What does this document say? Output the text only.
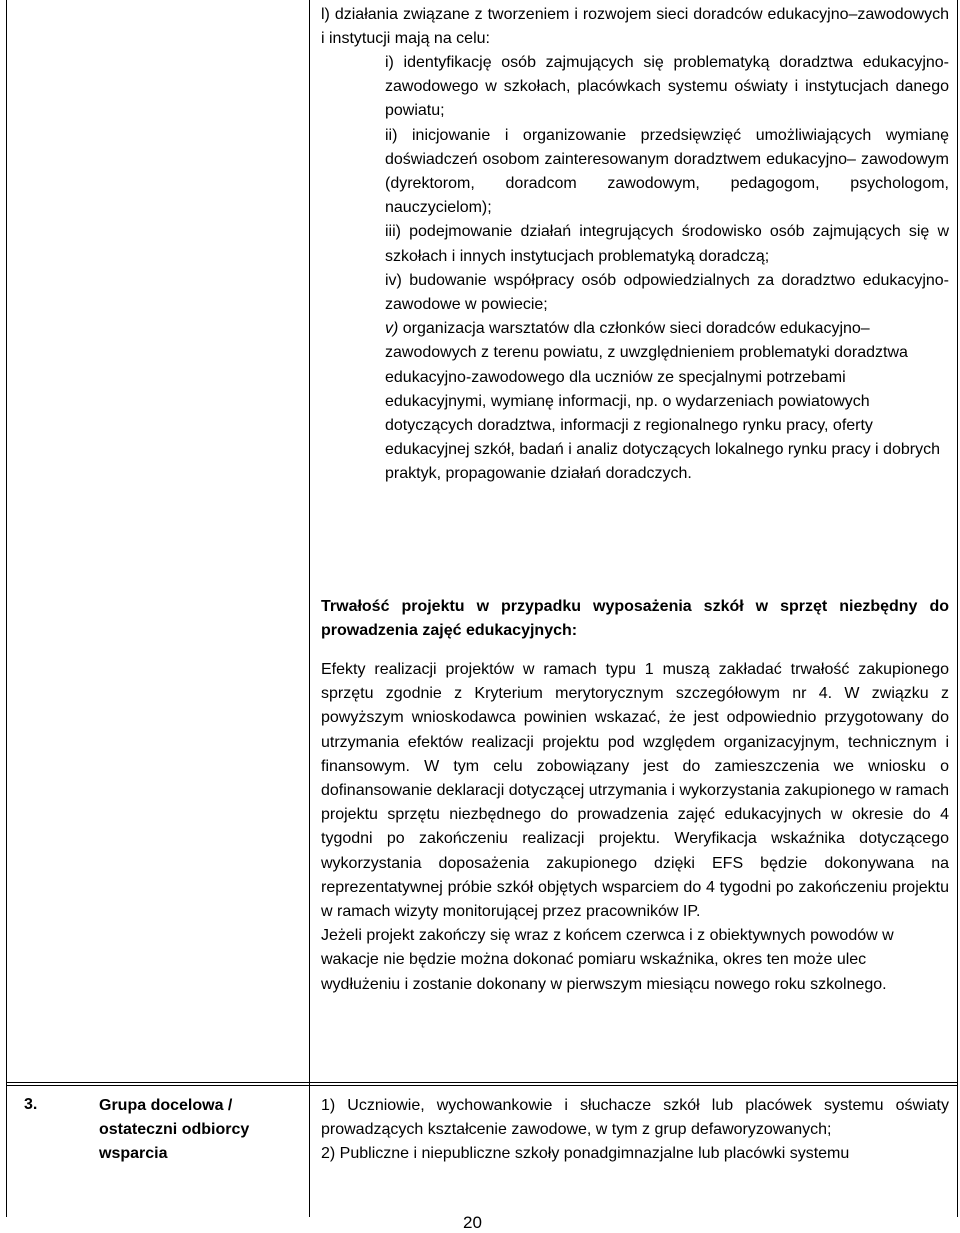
l) działania związane z tworzeniem i rozwojem sieci doradców edukacyjno–zawodowych i instytucji mają na celu:

i) identyfikację osób zajmujących się problematyką doradztwa edukacyjno-zawodowego w szkołach, placówkach systemu oświaty i instytucjach danego powiatu;

ii) inicjowanie i organizowanie przedsięwzięć umożliwiających wymianę doświadczeń osobom zainteresowanym doradztwem edukacyjno– zawodowym (dyrektorom, doradcom zawodowym, pedagogom, psychologom, nauczycielom);

iii) podejmowanie działań integrujących środowisko osób zajmujących się w szkołach i innych instytucjach problematyką doradczą;

iv) budowanie współpracy osób odpowiedzialnych za doradztwo edukacyjno-zawodowe w powiecie;

v) organizacja warsztatów dla członków sieci doradców edukacyjno–zawodowych z terenu powiatu, z uwzględnieniem problematyki doradztwa edukacyjno-zawodowego dla uczniów ze specjalnymi potrzebami edukacyjnymi, wymianę informacji, np. o wydarzeniach powiatowych dotyczących doradztwa, informacji z regionalnego rynku pracy, oferty edukacyjnej szkół, badań i analiz dotyczących lokalnego rynku pracy i dobrych praktyk, propagowanie działań doradczych.

Trwałość projektu w przypadku wyposażenia szkół w sprzęt niezbędny do prowadzenia zajęć edukacyjnych:

Efekty realizacji projektów w ramach typu 1 muszą zakładać trwałość zakupionego sprzętu zgodnie z Kryterium merytorycznym szczegółowym nr 4. W związku z powyższym wnioskodawca powinien wskazać, że jest odpowiednio przygotowany do utrzymania efektów realizacji projektu pod względem organizacyjnym, technicznym i finansowym. W tym celu zobowiązany jest do zamieszczenia we wniosku o dofinansowanie deklaracji dotyczącej utrzymania i wykorzystania zakupionego w ramach projektu sprzętu niezbędnego do prowadzenia zajęć edukacyjnych w okresie do 4 tygodni po zakończeniu realizacji projektu. Weryfikacja wskaźnika dotyczącego wykorzystania doposażenia zakupionego dzięki EFS będzie dokonywana na reprezentatywnej próbie szkół objętych wsparciem do 4 tygodni po zakończeniu projektu w ramach wizyty monitorującej przez pracowników IP.

Jeżeli projekt zakończy się wraz z końcem czerwca i z obiektywnych powodów w wakacje nie będzie można dokonać pomiaru wskaźnika, okres ten może ulec wydłużeniu i zostanie dokonany w pierwszym miesiącu nowego roku szkolnego.

3.	Grupa docelowa / ostateczni odbiorcy wsparcia

1) Uczniowie, wychowankowie i słuchacze szkół lub placówek systemu oświaty prowadzących kształcenie zawodowe, w tym z grup defaworyzowanych;

2) Publiczne i niepubliczne szkoły ponadgimnazjalne lub placówki systemu

20
